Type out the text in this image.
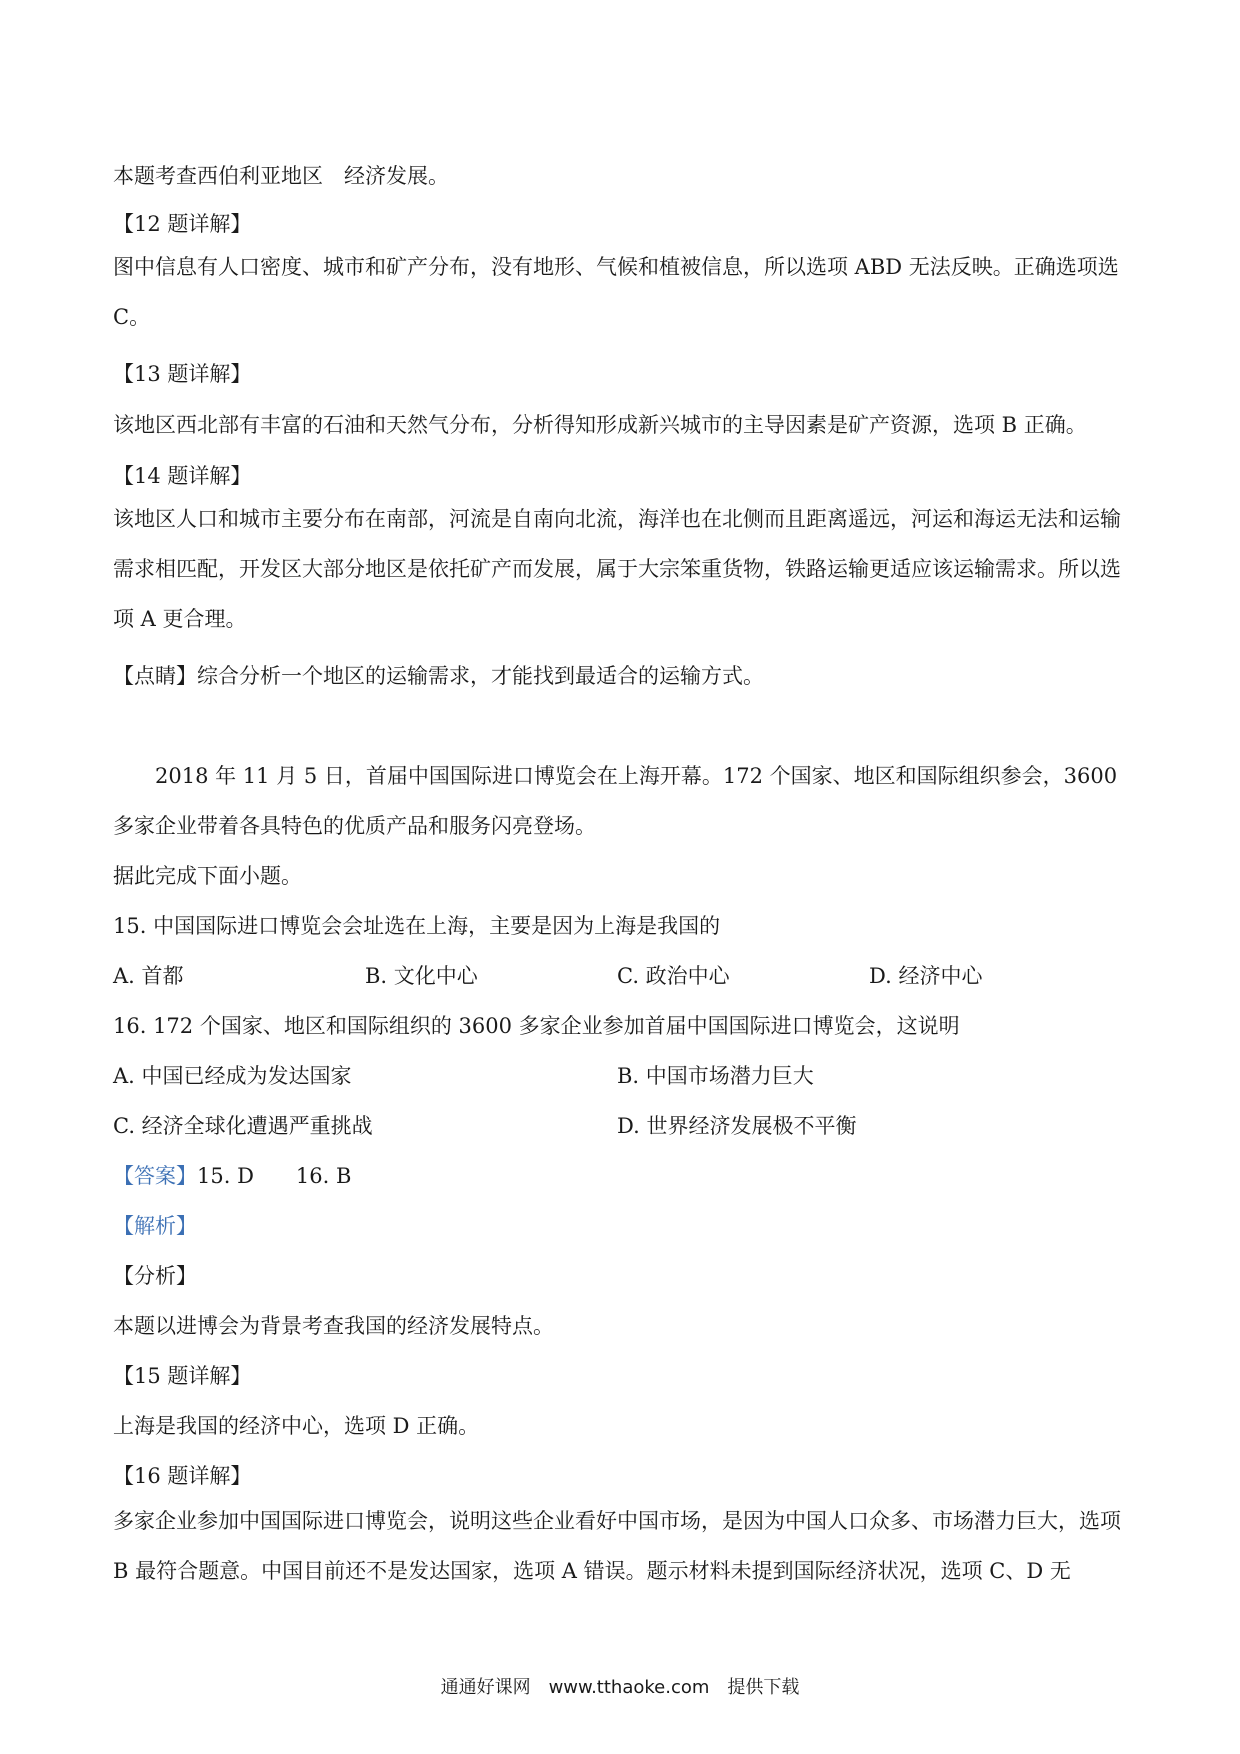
本题考查西伯利亚地区　经济发展。
【12 题详解】
图中信息有人口密度、城市和矿产分布，没有地形、气候和植被信息，所以选项 ABD 无法反映。正确选项选 C。
【13 题详解】
该地区西北部有丰富的石油和天然气分布，分析得知形成新兴城市的主导因素是矿产资源，选项 B 正确。
【14 题详解】
该地区人口和城市主要分布在南部，河流是自南向北流，海洋也在北侧而且距离遥远，河运和海运无法和运输需求相匹配，开发区大部分地区是依托矿产而发展，属于大宗笨重货物，铁路运输更适应该运输需求。所以选项 A 更合理。
【点睛】综合分析一个地区的运输需求，才能找到最适合的运输方式。
2018 年 11 月 5 日，首届中国国际进口博览会在上海开幕。172 个国家、地区和国际组织参会，3600 多家企业带着各具特色的优质产品和服务闪亮登场。
据此完成下面小题。
15. 中国国际进口博览会会址选在上海，主要是因为上海是我国的
A. 首都	B. 文化中心	C. 政治中心	D. 经济中心
16. 172 个国家、地区和国际组织的 3600 多家企业参加首届中国国际进口博览会，这说明
A. 中国已经成为发达国家	B. 中国市场潜力巨大
C. 经济全球化遭遇严重挑战	D. 世界经济发展极不平衡
【答案】15. D　　16. B
【解析】
【分析】
本题以进博会为背景考查我国的经济发展特点。
【15 题详解】
上海是我国的经济中心，选项 D 正确。
【16 题详解】
多家企业参加中国国际进口博览会，说明这些企业看好中国市场，是因为中国人口众多、市场潜力巨大，选项 B 最符合题意。中国目前还不是发达国家，选项 A 错误。题示材料未提到国际经济状况，选项 C、D 无
通通好课网　www.tthaoke.com　提供下载
